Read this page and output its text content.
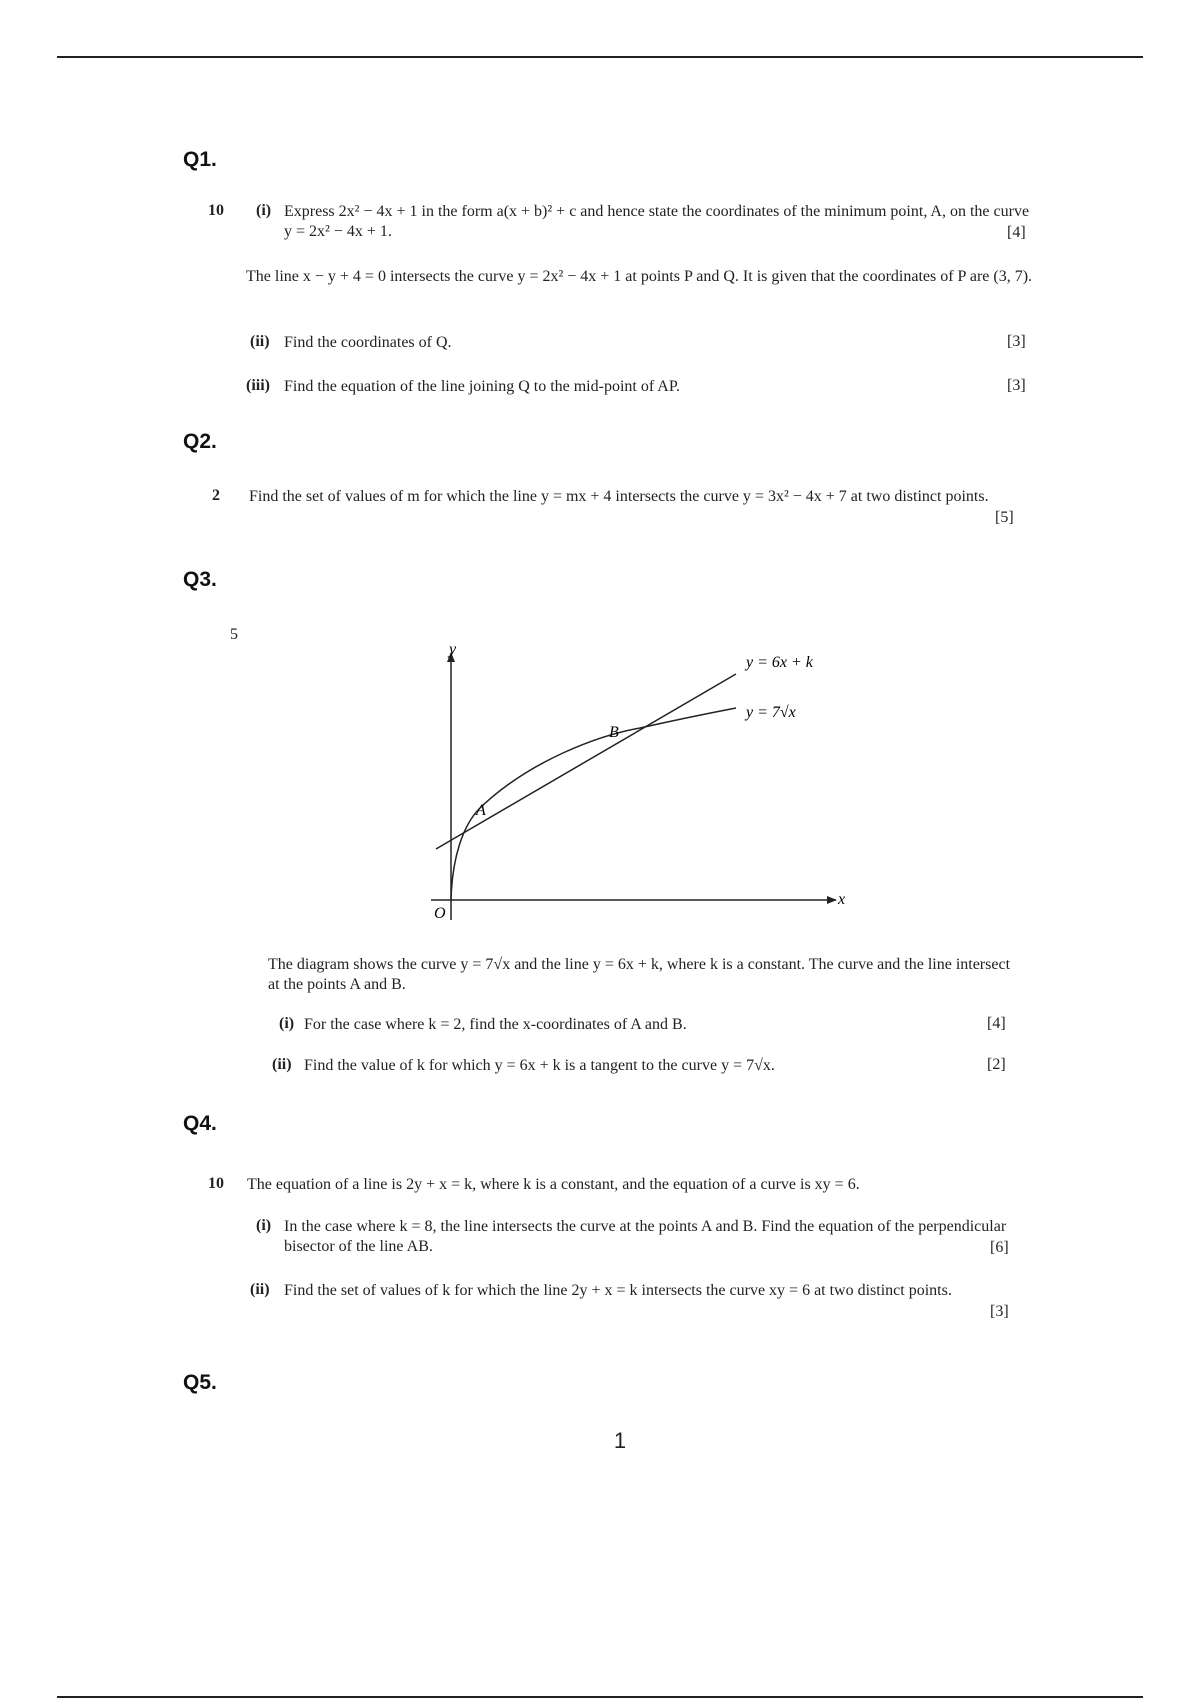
Q1.
10 (i) Express 2x² − 4x + 1 in the form a(x + b)² + c and hence state the coordinates of the minimum point, A, on the curve y = 2x² − 4x + 1.	[4]
The line x − y + 4 = 0 intersects the curve y = 2x² − 4x + 1 at points P and Q. It is given that the coordinates of P are (3, 7).
(ii) Find the coordinates of Q.	[3]
(iii) Find the equation of the line joining Q to the mid-point of AP.	[3]
Q2.
2 Find the set of values of m for which the line y = mx + 4 intersects the curve y = 3x² − 4x + 7 at two distinct points.
[5]
Q3.
5
y
x
O
A
B
y = 6x + k
y = 7√x
The diagram shows the curve y = 7√x and the line y = 6x + k, where k is a constant. The curve and the line intersect at the points A and B.
(i) For the case where k = 2, find the x-coordinates of A and B.	[4]
(ii) Find the value of k for which y = 6x + k is a tangent to the curve y = 7√x.	[2]
Q4.
10 The equation of a line is 2y + x = k, where k is a constant, and the equation of a curve is xy = 6.
(i) In the case where k = 8, the line intersects the curve at the points A and B. Find the equation of the perpendicular bisector of the line AB.	[6]
(ii) Find the set of values of k for which the line 2y + x = k intersects the curve xy = 6 at two distinct points.
[3]
Q5.
1
